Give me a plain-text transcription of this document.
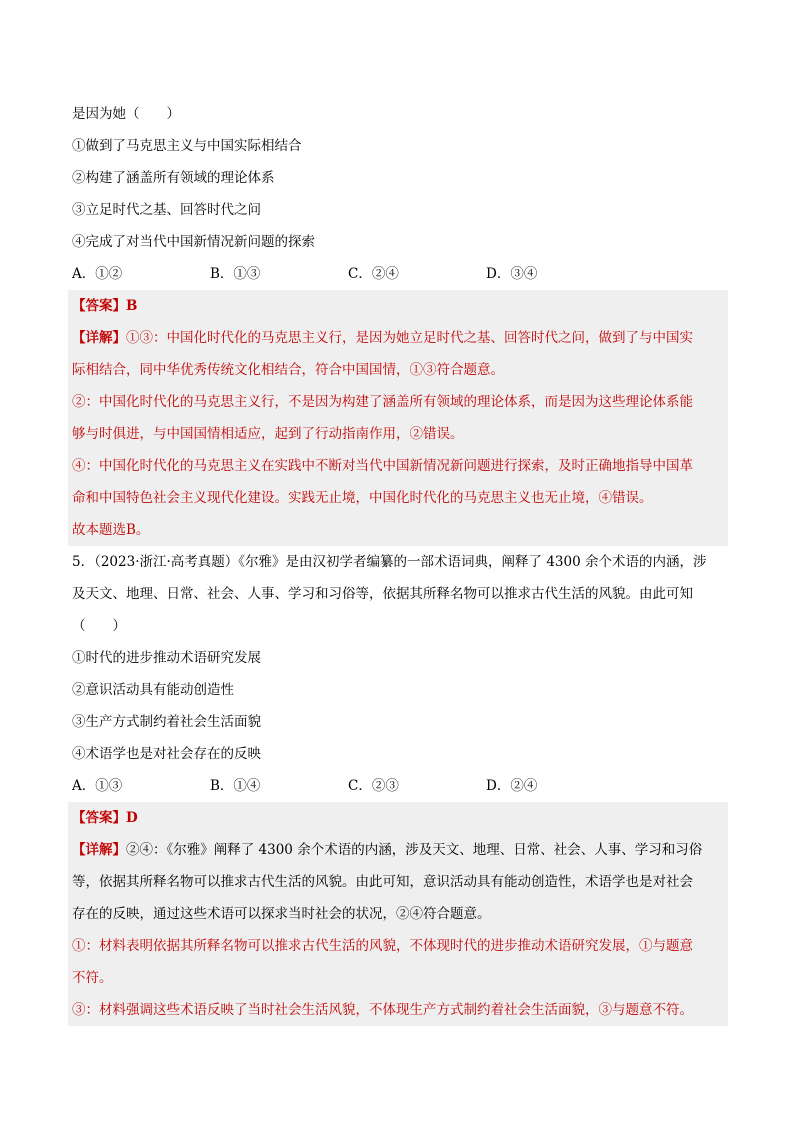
是因为她（　　）
①做到了马克思主义与中国实际相结合
②构建了涵盖所有领域的理论体系
③立足时代之基、回答时代之问
④完成了对当代中国新情况新问题的探索
A．①②	B．①③	C．②④	D．③④
【答案】B
【详解】①③：中国化时代化的马克思主义行，是因为她立足时代之基、回答时代之问，做到了与中国实
际相结合，同中华优秀传统文化相结合，符合中国国情，①③符合题意。
②：中国化时代化的马克思主义行，不是因为构建了涵盖所有领域的理论体系，而是因为这些理论体系能
够与时俱进，与中国国情相适应，起到了行动指南作用，②错误。
④：中国化时代化的马克思主义在实践中不断对当代中国新情况新问题进行探索，及时正确地指导中国革
命和中国特色社会主义现代化建设。实践无止境，中国化时代化的马克思主义也无止境，④错误。
故本题选B。
5．（2023·浙江·高考真题）《尔雅》是由汉初学者编纂的一部术语词典，阐释了 4300 余个术语的内涵，涉
及天文、地理、日常、社会、人事、学习和习俗等，依据其所释名物可以推求古代生活的风貌。由此可知
（　　）
①时代的进步推动术语研究发展
②意识活动具有能动创造性
③生产方式制约着社会生活面貌
④术语学也是对社会存在的反映
A．①③	B．①④	C．②③	D．②④
【答案】D
【详解】②④：《尔雅》阐释了 4300 余个术语的内涵，涉及天文、地理、日常、社会、人事、学习和习俗
等，依据其所释名物可以推求古代生活的风貌。由此可知，意识活动具有能动创造性，术语学也是对社会
存在的反映，通过这些术语可以探求当时社会的状况，②④符合题意。
①：材料表明依据其所释名物可以推求古代生活的风貌，不体现时代的进步推动术语研究发展，①与题意
不符。
③：材料强调这些术语反映了当时社会生活风貌，不体现生产方式制约着社会生活面貌，③与题意不符。
